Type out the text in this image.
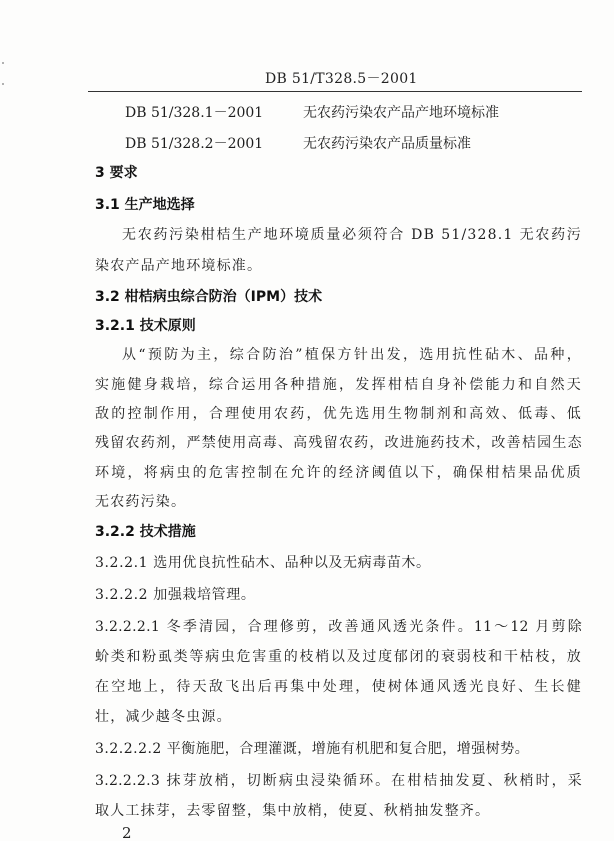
DB 51/T328.5－2001
DB 51/328.1－2001	无农药污染农产品产地环境标准
DB 51/328.2－2001	无农药污染农产品质量标准
3 要求
3.1 生产地选择
无农药污染柑桔生产地环境质量必须符合 DB 51/328.1 无农药污
染农产品产地环境标准。
3.2 柑桔病虫综合防治（IPM）技术
3.2.1 技术原则
从“预防为主，综合防治”植保方针出发，选用抗性砧木、品种，
实施健身栽培，综合运用各种措施，发挥柑桔自身补偿能力和自然天
敌的控制作用，合理使用农药，优先选用生物制剂和高效、低毒、低
残留农药剂，严禁使用高毒、高残留农药，改进施药技术，改善桔园生态
环境，将病虫的危害控制在允许的经济阈值以下，确保柑桔果品优质
无农药污染。
3.2.2 技术措施
3.2.2.1 选用优良抗性砧木、品种以及无病毒苗木。
3.2.2.2 加强栽培管理。
3.2.2.2.1 冬季清园，合理修剪，改善通风透光条件。11～12 月剪除
蚧类和粉虱类等病虫危害重的枝梢以及过度郁闭的衰弱枝和干枯枝，放
在空地上，待天敌飞出后再集中处理，使树体通风透光良好、生长健
壮，减少越冬虫源。
3.2.2.2.2 平衡施肥，合理灌溉，增施有机肥和复合肥，增强树势。
3.2.2.2.3 抹芽放梢，切断病虫浸染循环。在柑桔抽发夏、秋梢时，采
取人工抹芽，去零留整，集中放梢，使夏、秋梢抽发整齐。
2
